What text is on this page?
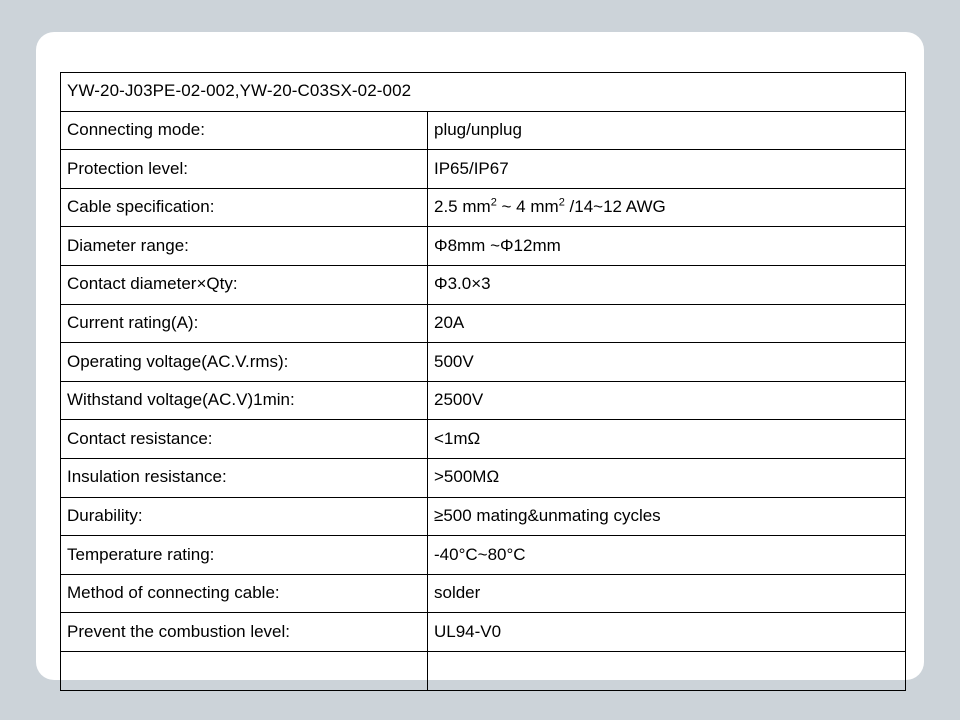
YW-20-J03PE-02-002,YW-20-C03SX-02-002	
Connecting mode:	plug/unplug
Protection level:	IP65/IP67
Cable specification:	2.5 $mm^2$ ~ 4 $mm^2$ /14~12 AWG

Diameter range:	Φ8mm ~Φ12mm
Contact diameter×Qty:	Φ3.0×3
Current rating(A):	20A
Operating voltage(AC.V.rms):	500V
Withstand voltage(AC.V)1min:	2500V
Contact resistance:	<1mΩ
Insulation resistance:	>500MΩ
Durability:	≥500 mating&unmating cycles
Temperature rating:	-40°C~80°C
Method of connecting cable:	solder
Prevent the combustion level:	UL94-V0
